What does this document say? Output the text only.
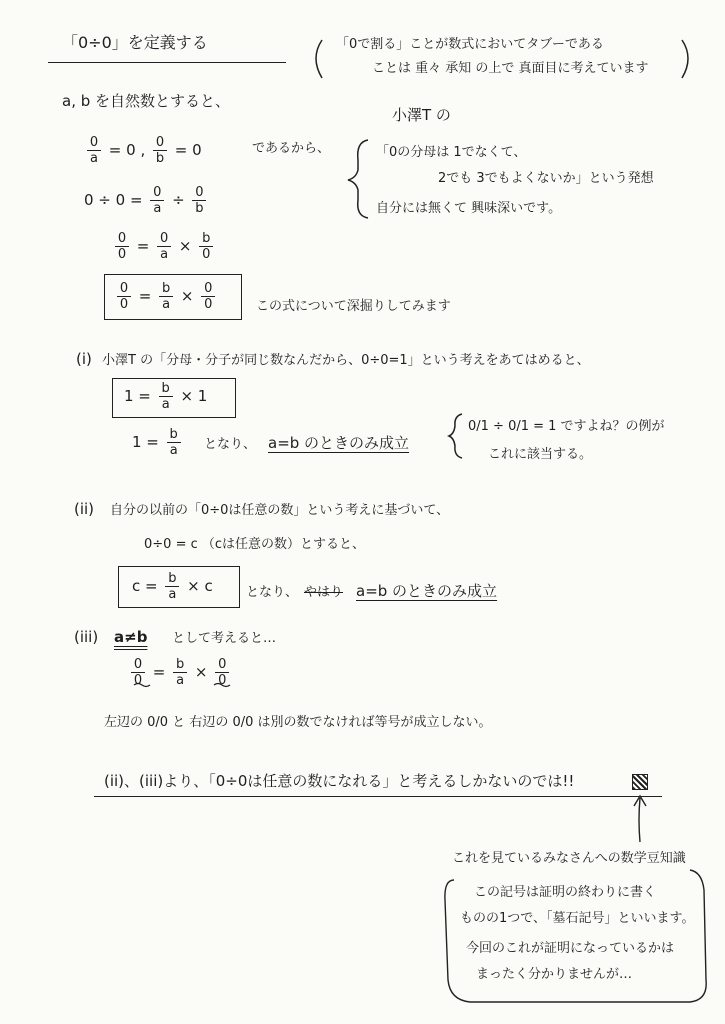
「0÷0」を定義する	「0で割る」ことが数式においてタブーである
ことは 重々 承知 の上で 真面目に考えています
a, b を自然数とすると、
$\frac{0}{a} = 0$ , $\frac{0}{b} = 0$	であるから、
$0 \div 0 = \frac{0}{a} \div \frac{0}{b}$
$\frac{0}{0} = \frac{0}{a} \times \frac{b}{0}$
$\frac{0}{0} = \frac{b}{a} \times \frac{0}{0}$	この式について深掘りしてみます
小澤T の
「0の分母は 1でなくて、
2でも 3でもよくないか」という発想
自分には無くて 興味深いです。
(i) 小澤T の「分母・分子が同じ数なんだから、0÷0=1」という考えをあてはめると、
$1 = \frac{b}{a} \times 1$
$1 = \frac{b}{a}$ となり、 a=b のときのみ成立
0/1 ÷ 0/1 = 1 ですよね？の例が
これに該当する。
(ii) 自分の以前の「0÷0は任意の数」という考えに基づいて、
0÷0 = c （cは任意の数）とすると、
$c = \frac{b}{a} \times c$	となり、 やはり a=b のときのみ成立
(iii) a≠b として考えると…
$\frac{0}{0} = \frac{b}{a} \times \frac{0}{0}$
左辺の 0/0 と 右辺の 0/0 は別の数でなければ等号が成立しない。
(ii)、(iii)より、「0÷0は任意の数になれる」と考えるしかないのでは!!
これを見ているみなさんへの数学豆知識
この記号は証明の終わりに書く
ものの1つで、「墓石記号」といいます。
今回のこれが証明になっているかは
まったく分かりませんが…
